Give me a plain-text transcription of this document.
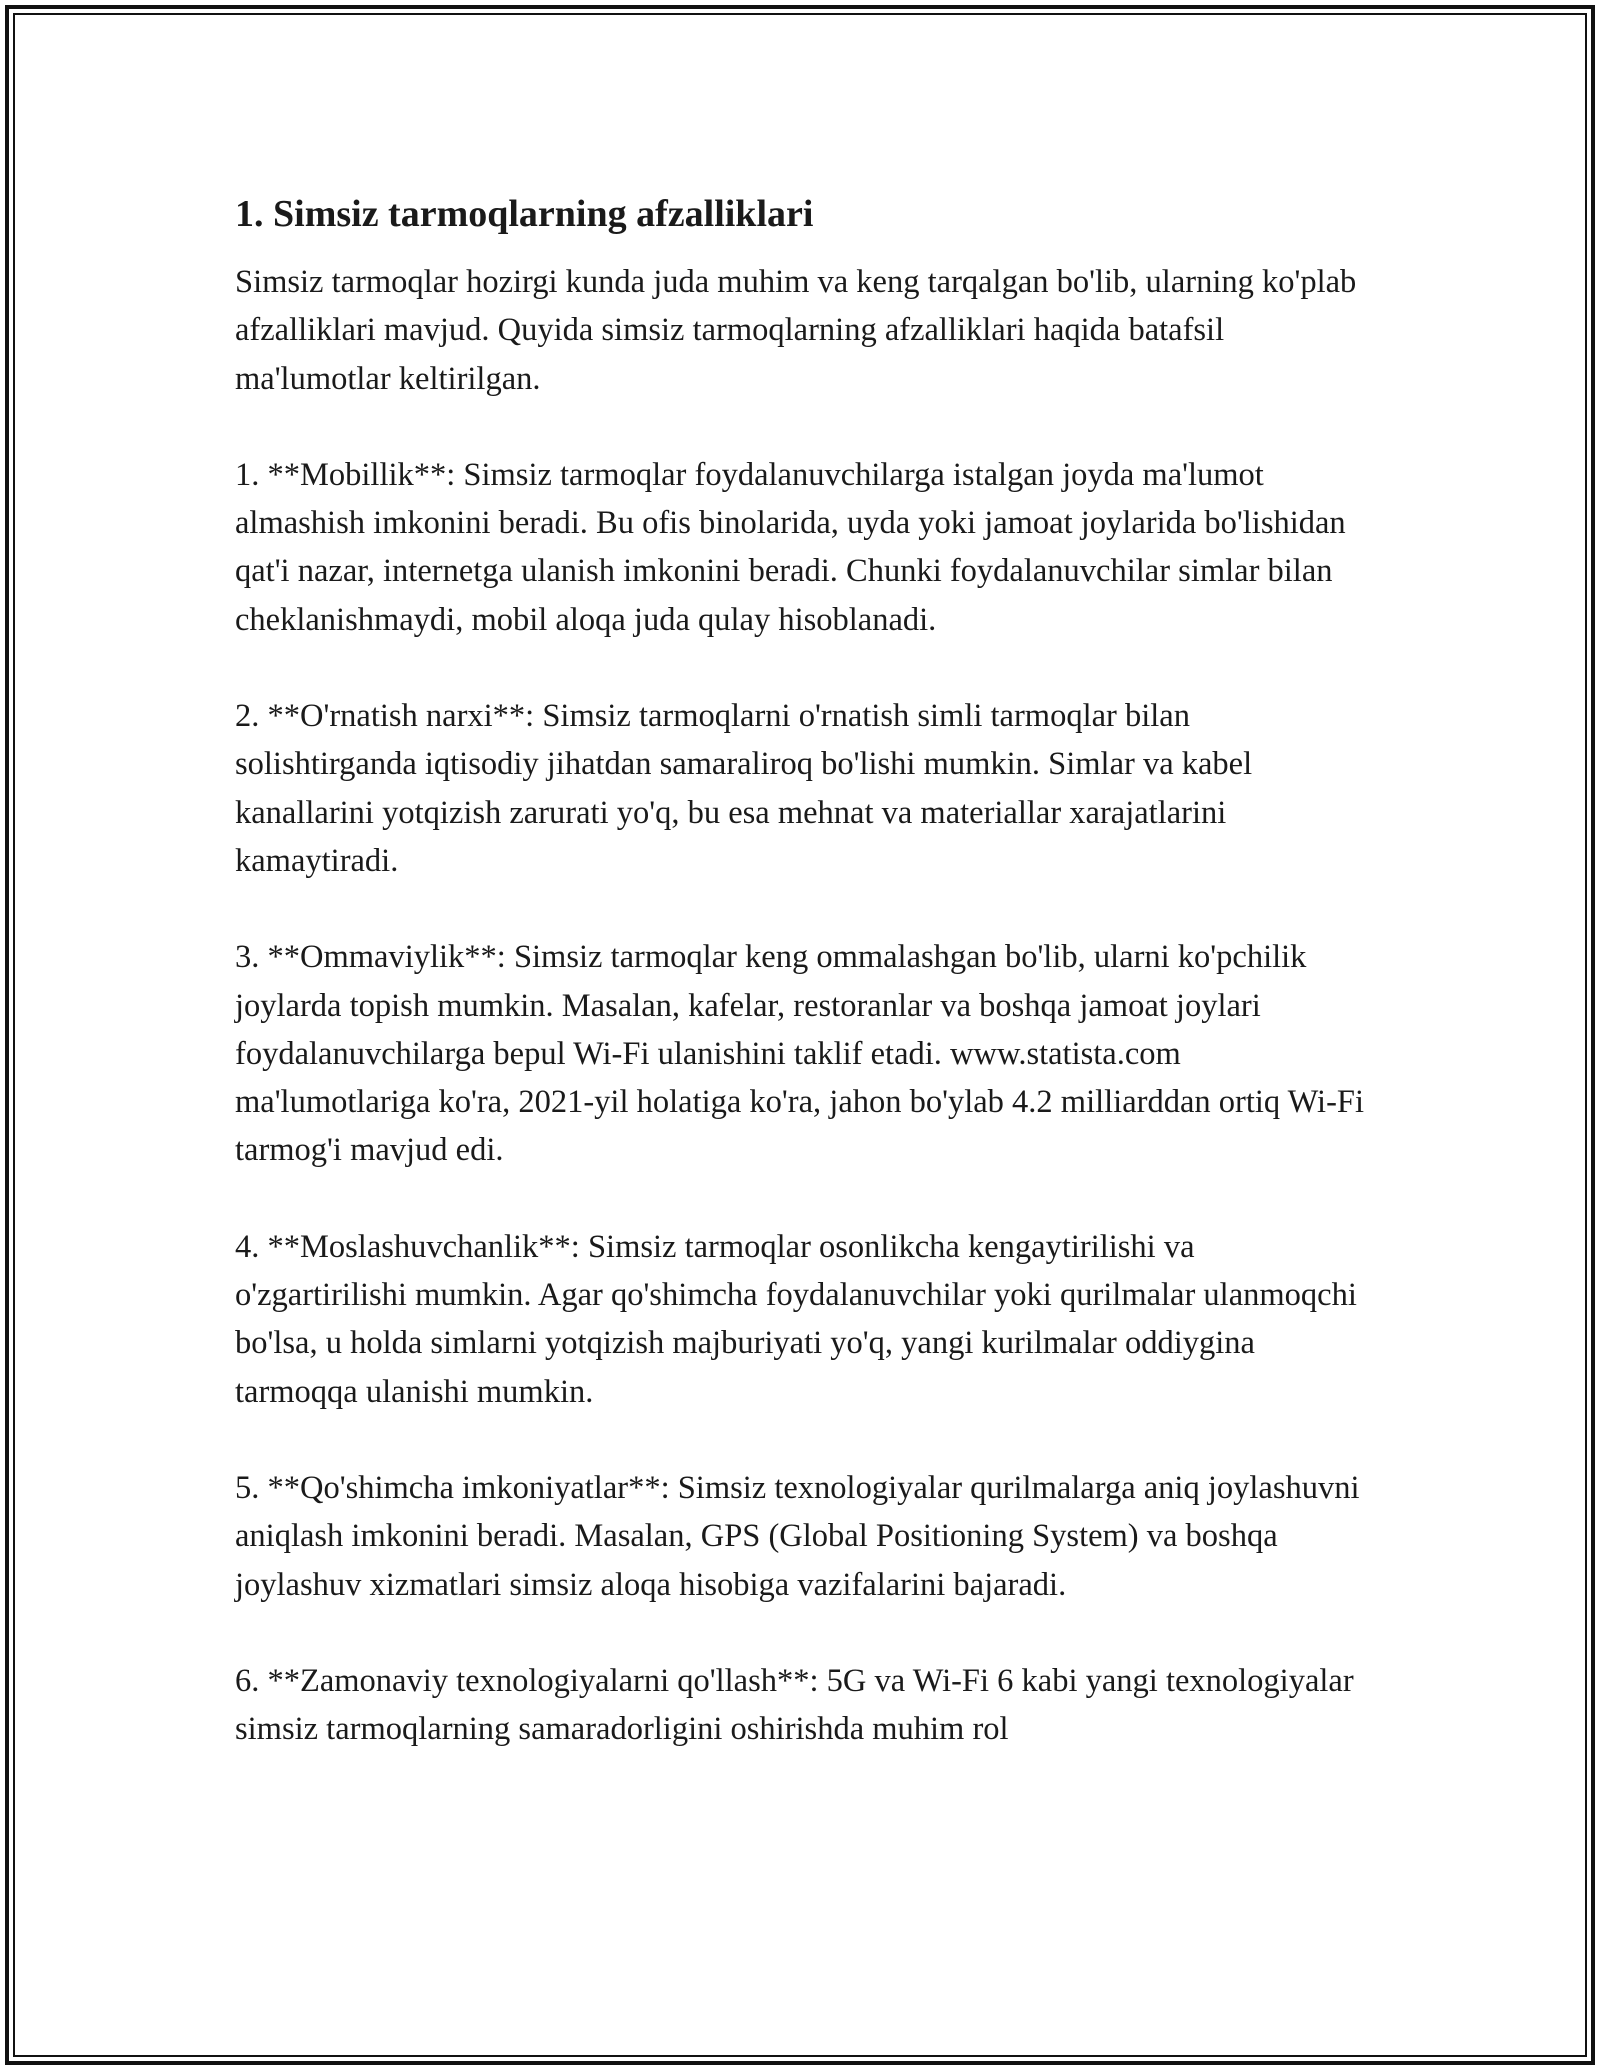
1. Simsiz tarmoqlarning afzalliklari

Simsiz tarmoqlar hozirgi kunda juda muhim va keng tarqalgan bo'lib, ularning ko'plab afzalliklari mavjud. Quyida simsiz tarmoqlarning afzalliklari haqida batafsil ma'lumotlar keltirilgan.

1. **Mobillik**: Simsiz tarmoqlar foydalanuvchilarga istalgan joyda ma'lumot almashish imkonini beradi. Bu ofis binolarida, uyda yoki jamoat joylarida bo'lishidan qat'i nazar, internetga ulanish imkonini beradi. Chunki foydalanuvchilar simlar bilan cheklanishmaydi, mobil aloqa juda qulay hisoblanadi.

2. **O'rnatish narxi**: Simsiz tarmoqlarni o'rnatish simli tarmoqlar bilan solishtirganda iqtisodiy jihatdan samaraliroq bo'lishi mumkin. Simlar va kabel kanallarini yotqizish zarurati yo'q, bu esa mehnat va materiallar xarajatlarini kamaytiradi.

3. **Ommaviylik**: Simsiz tarmoqlar keng ommalashgan bo'lib, ularni ko'pchilik joylarda topish mumkin. Masalan, kafelar, restoranlar va boshqa jamoat joylari foydalanuvchilarga bepul Wi-Fi ulanishini taklif etadi. www.statista.com ma'lumotlariga ko'ra, 2021-yil holatiga ko'ra, jahon bo'ylab 4.2 milliarddan ortiq Wi-Fi tarmog'i mavjud edi.

4. **Moslashuvchanlik**: Simsiz tarmoqlar osonlikcha kengaytirilishi va o'zgartirilishi mumkin. Agar qo'shimcha foydalanuvchilar yoki qurilmalar ulanmoqchi bo'lsa, u holda simlarni yotqizish majburiyati yo'q, yangi kurilmalar oddiygina tarmoqqa ulanishi mumkin.

5. **Qo'shimcha imkoniyatlar**: Simsiz texnologiyalar qurilmalarga aniq joylashuvni aniqlash imkonini beradi. Masalan, GPS (Global Positioning System) va boshqa joylashuv xizmatlari simsiz aloqa hisobiga vazifalarini bajaradi.

6. **Zamonaviy texnologiyalarni qo'llash**: 5G va Wi-Fi 6 kabi yangi texnologiyalar simsiz tarmoqlarning samaradorligini oshirishda muhim rol
